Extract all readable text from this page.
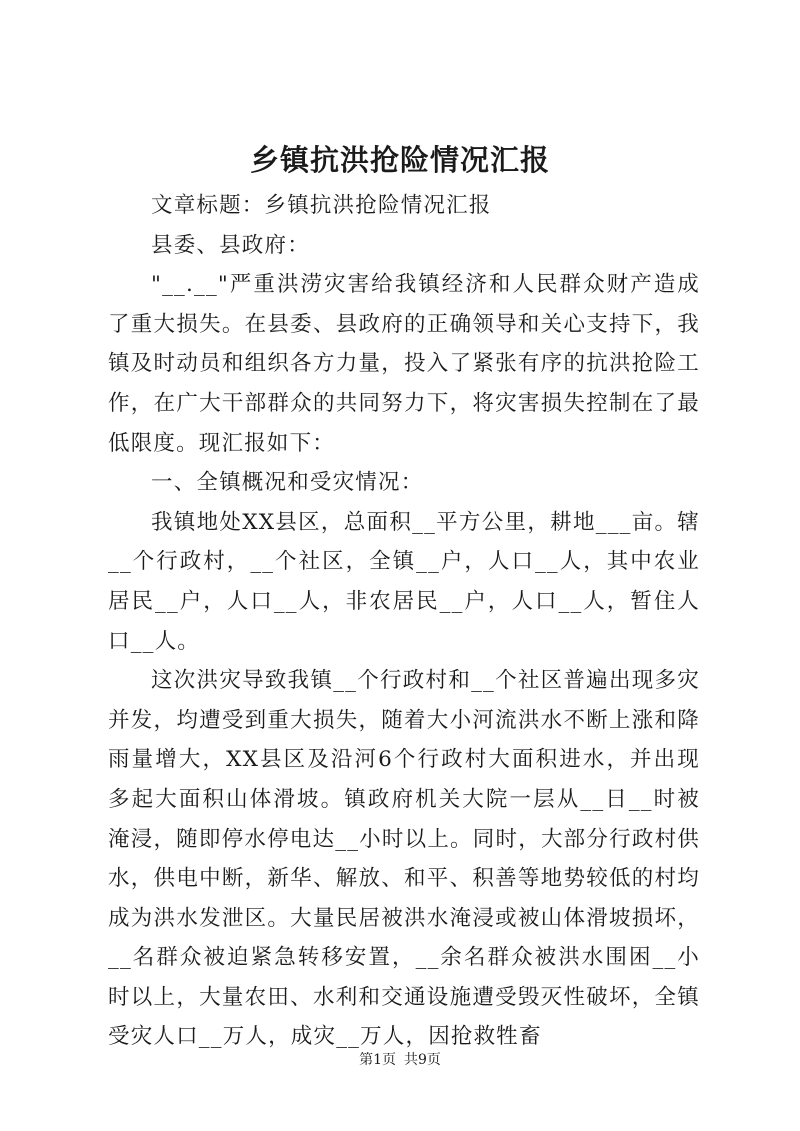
乡镇抗洪抢险情况汇报

文章标题：乡镇抗洪抢险情况汇报

县委、县政府：

"__.__"严重洪涝灾害给我镇经济和人民群众财产造成了重大损失。在县委、县政府的正确领导和关心支持下，我镇及时动员和组织各方力量，投入了紧张有序的抗洪抢险工作，在广大干部群众的共同努力下，将灾害损失控制在了最低限度。现汇报如下：

一、全镇概况和受灾情况：

我镇地处XX县区，总面积__平方公里，耕地___亩。辖__个行政村，__个社区，全镇__户，人口__人，其中农业居民__户，人口__人，非农居民__户，人口__人，暂住人口__人。

这次洪灾导致我镇__个行政村和__个社区普遍出现多灾并发，均遭受到重大损失，随着大小河流洪水不断上涨和降雨量增大，XX县区及沿河6个行政村大面积进水，并出现多起大面积山体滑坡。镇政府机关大院一层从__日__时被淹浸，随即停水停电达__小时以上。同时，大部分行政村供水，供电中断，新华、解放、和平、积善等地势较低的村均成为洪水发泄区。大量民居被洪水淹浸或被山体滑坡损坏，__名群众被迫紧急转移安置，__余名群众被洪水围困__小时以上，大量农田、水利和交通设施遭受毁灭性破坏，全镇受灾人口__万人，成灾__万人，因抢救牲畜

第1页 共9页
